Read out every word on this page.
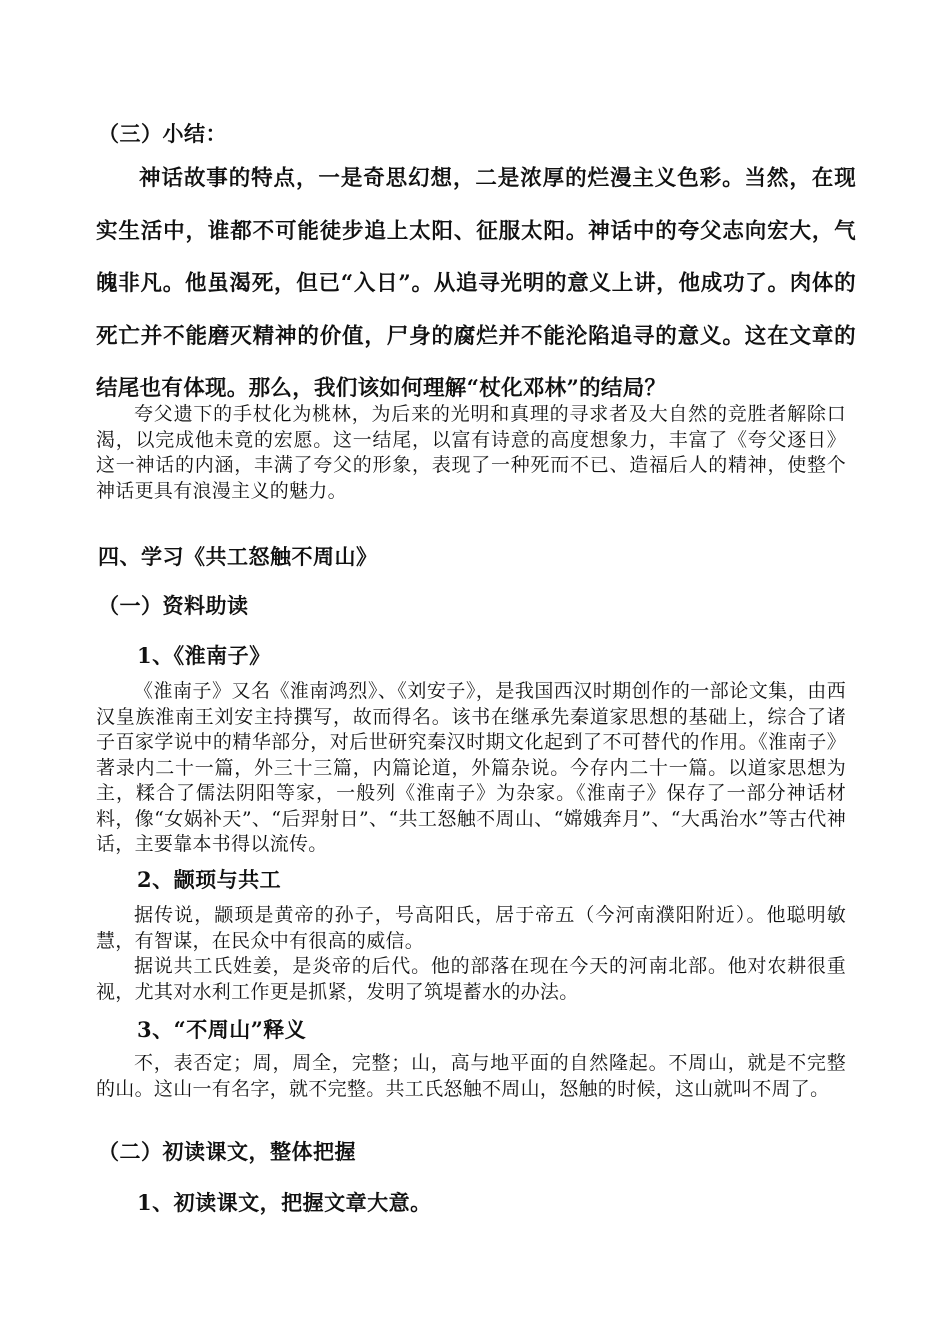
（三）小结：

神话故事的特点，一是奇思幻想，二是浓厚的烂漫主义色彩。当然，在现实生活中，谁都不可能徒步追上太阳、征服太阳。神话中的夸父志向宏大，气魄非凡。他虽渴死，但已“入日”。从追寻光明的意义上讲，他成功了。肉体的死亡并不能磨灭精神的价值，尸身的腐烂并不能沦陷追寻的意义。这在文章的结尾也有体现。那么，我们该如何理解“杖化邓林”的结局？

夸父遗下的手杖化为桃林，为后来的光明和真理的寻求者及大自然的竞胜者解除口渴，以完成他未竟的宏愿。这一结尾，以富有诗意的高度想象力，丰富了《夸父逐日》这一神话的内涵，丰满了夸父的形象，表现了一种死而不已、造福后人的精神，使整个神话更具有浪漫主义的魅力。

四、学习《共工怒触不周山》
（一）资料助读
1、《淮南子》

《淮南子》又名《淮南鸿烈》、《刘安子》，是我国西汉时期创作的一部论文集，由西汉皇族淮南王刘安主持撰写，故而得名。该书在继承先秦道家思想的基础上，综合了诸子百家学说中的精华部分，对后世研究秦汉时期文化起到了不可替代的作用。《淮南子》著录内二十一篇，外三十三篇，内篇论道，外篇杂说。今存内二十一篇。以道家思想为主，糅合了儒法阴阳等家，一般列《淮南子》为杂家。《淮南子》保存了一部分神话材料，像“女娲补天”、“后羿射日”、“共工怒触不周山、“嫦娥奔月”、“大禹治水”等古代神话，主要靠本书得以流传。

2、颛顼与共工

据传说，颛顼是黄帝的孙子，号高阳氏，居于帝五（今河南濮阳附近）。他聪明敏慧，有智谋，在民众中有很高的威信。

据说共工氏姓姜，是炎帝的后代。他的部落在现在今天的河南北部。他对农耕很重视，尤其对水利工作更是抓紧，发明了筑堤蓄水的办法。

3、“不周山”释义

不，表否定；周，周全，完整；山，高与地平面的自然隆起。不周山，就是不完整的山。这山一有名字，就不完整。共工氏怒触不周山，怒触的时候，这山就叫不周了。

（二）初读课文，整体把握
1、初读课文，把握文章大意。
